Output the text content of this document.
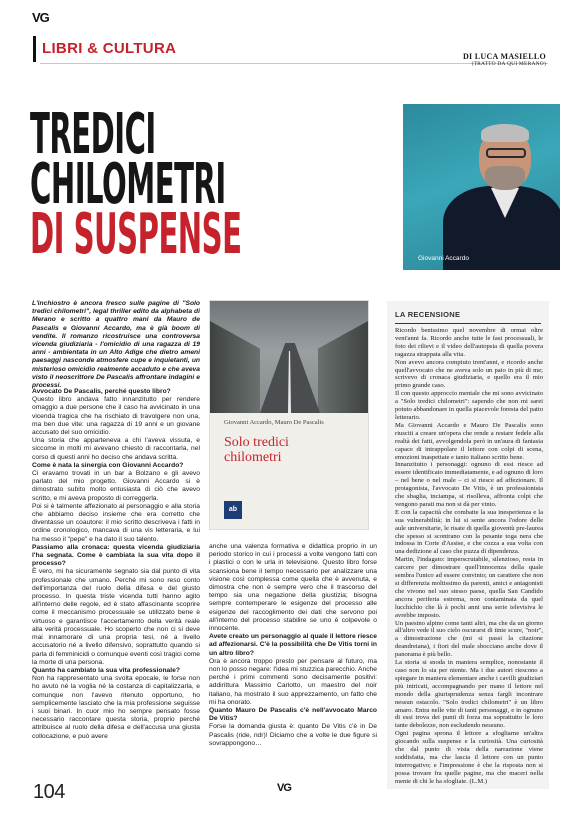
VG
LIBRI & CULTURA	DI LUCA MASIELLO
(TRATTO DA QUI MERANO)
TREDICI
CHILOMETRI
DI SUSPENSE	Giovanni Accardo
L'inchiostro è ancora fresco sulle pagine di "Solo tredici chilometri", legal thriller edito da alphabeta di Merano e scritto a quattro mani da Mauro de Pascalis e Giovanni Accardo, ma è già boom di vendite. Il romanzo ricostruisce una controversa vicenda giudiziaria - l'omicidio di una ragazza di 19 anni - ambientata in un Alto Adige che dietro ameni paesaggi nasconde atmosfere cupe e inquietanti, un misterioso omicidio realmente accaduto e che aveva visto il neoscrittore De Pascalis affrontare indagini e processi.

Avvocato De Pascalis, perché questo libro?

Questo libro andava fatto innanzitutto per rendere omaggio a due persone che il caso ha avvicinato in una vicenda tragica che ha rischiato di travolgere non una, ma ben due vite: una ragazza di 19 anni e un giovane accusato del suo omicidio.

Una storia che apparteneva a chi l'aveva vissuta, e siccome in molti mi avevano chiesto di raccontarla, nel corso di questi anni ho deciso che andava scritta.

Come è nata la sinergia con Giovanni Accardo?

Ci eravamo trovati in un bar a Bolzano e gli avevo parlato del mio progetto. Giovanni Accardo si è dimostrato subito molto entusiasta di ciò che avevo scritto, e mi aveva proposto di correggerla.

Poi si è talmente affezionato al personaggio e alla storia che abbiamo deciso insieme che era corretto che diventasse un coautore: il mio scritto descriveva i fatti in ordine cronologico, mancava di una vis letteraria, e lui ha messo il "pepe" e ha dato il suo talento.

Passiamo alla cronaca: questa vicenda giudiziaria l'ha segnata. Come è cambiata la sua vita dopo il processo?

È vero, mi ha sicuramente segnato sia dal punto di vita professionale che umano. Perché mi sono reso conto dell'importanza del ruolo della difesa e del giusto processo. In questa triste vicenda tutti hanno agito all'interno delle regole, ed è stato affascinante scoprire come il meccanismo processuale se utilizzato bene è virtuoso e garantisce l'accertamento della verità reale alla verità processuale. Ho scoperto che non ci si deve mai innamorare di una propria tesi, né a livello accusatorio né a livello difensivo, soprattutto quando si parla di femminicidi o comunque eventi così tragici come la morte di una persona.

Quanto ha cambiato la sua vita professionale?

Non ha rappresentato una svolta epocale, le forse non ho avuto né la voglia né la costanza di capitalizzarla, e comunque non l'avevo ritenuto opportuno, ho semplicemente lasciato che la mia professione seguisse i suoi binari. In cuor mio ho sempre pensato fosse necessario raccontare questa storia, proprio perché attribuisce al ruolo della difesa e dell'accusa una giusta collocazione, e può avere

Giovanni Accardo, Mauro De Pascalis
Solo tredici
chilometri
ab

anche una valenza formativa e didattica proprio in un periodo storico in cui i processi a volte vengono fatti con i plastici o con le urla in televisione. Questo libro forse scansiona bene il tempo necessario per analizzare una visione così complessa come quella che è avvenuta, e dimostra che non è sempre vero che il trascorso del tempo sia una negazione della giustizia; bisogna sempre contemperare le esigenze del processo alle esigenze del raccoglimento dei dati che servono poi all'interno del processo stabilire se uno è colpevole o innocente.

Avete creato un personaggio al quale il lettore riesce ad affezionarsi. C'è la possibilità che De Vitis torni in un altro libro?

Ora è ancora troppo presto per pensare al futuro, ma non lo posso negare: l'idea mi stuzzica parecchio. Anche perché i primi commenti sono decisamente positivi: addirittura Massimo Carlotto, un maestro del noir italiano, ha mostrato il suo apprezzamento, un fatto che mi ha onorato.

Quanto Mauro De Pascalis c'è nell'avvocato Marco De Vitis?

Forse la domanda giusta è: quanto De Vitis c'è in De Pascalis (ride, ndr)! Diciamo che a volte le due figure si sovrappongono…

LA RECENSIONE

Ricordo benissimo quel novembre di ormai oltre vent'anni fa. Ricordo anche tutte le fasi processuali, le foto dei rilievi e il video dell'autopsia di quella povera ragazza strappata alla vita.

Non avevo ancora compiuto trent'anni, e ricordo anche quell'avvocato che ne aveva solo un paio in più di me; scrivevo di cronaca giudiziaria, e quello era il mio primo grande caso.

Il con questo approccio mentale che mi sono avvicinato a "Solo tredici chilometri": sapendo che non mi sarei potuto abbandonare in quella piacevole foresta del patto letterario.

Ma Giovanni Accardo e Mauro De Pascalis sono riusciti a creare un'opera che rende a restare fedele alla realtà dei fatti, avvolgendola però in un'aura di fantasia capace di intrappolare il lettore con colpi di scena, emozioni inaspettate e tanto italiano scritto bene.

Innanzitutto i personaggi: ognuno di essi riesce ad essere identificato immediatamente, e ad ognuno di loro – nel bene o nel male – ci si riesce ad affezionare. Il protagonista, l'avvocato De Vitis, è un professionista che sbaglia, inciampa, si risolleva, affronta colpi che vengono parati ma non si dà per vinto.

E con la capacità che combatte la sua inesperienza e la sua vulnerabilità; in lui si sente ancora l'odore delle aule universitarie, le risate di quella gioventù pre-laurea che spesso si scontrano con la pesante toga nera che indossa in Corte d'Assise, e che cozza a sua volta con una dedizione al caso che puzza di dipendenza.

Martin, l'indagato: imperscrutabile, silenzioso, resta in carcere per dimostrare quell'innocenza della quale sembra l'unico ad essere convinto; un carattere che non si differenzia moltissimo da parenti, amici e antagonisti che vivono nel suo stesso paese, quella San Candido ancora periferia estrema, non contaminata da quel lucchichio che là à pochi anni una serie televisiva le avrebbe imposto.

Un paesino alpino come tanti altri, ma che da un giorno all'altro vede il suo cielo oscurarsi di tinte scure, "noir", a dimostrazione che (mi si passi la citazione deandreiana), i fiori del male sbocciano anche dove il panorama è più bello.

La storia si snoda in maniera semplice, nonostante il caso non lo sia per niente. Ma i due autori riescono a spiegare in maniera elementare anche i cavilli giudiziari più intricati, accompagnando per mano il lettore nel mondo della giurisprudenza senza fargli incontrare nessun ostacolo. "Solo tredici chilometri" è un libro amaro. Entra nelle vite di tanti personaggi, e in ognuno di essi trova dei punti di forza ma soprattutto le loro tante debolezze, non escludendo nessuno.

Ogni pagina sprona il lettore a sfogliarne un'altra giocando sulla suspense e la curiosità. Una curiosità che dal punto di vista della narrazione viene soddisfatta, ma che lascia il lettore con un punto interrogativo; e l'impressione è che la risposta non si possa trovare fra quelle pagine, ma che maceri nella mente di chi le ha sfogliate. (L.M.)

104	VG
